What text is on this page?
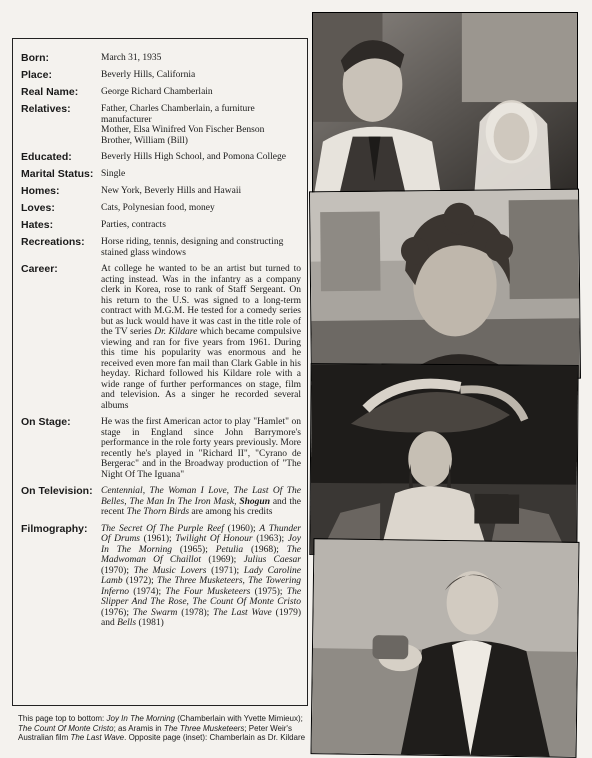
Born:	March 31, 1935
Place:	Beverly Hills, California
Real Name:	George Richard Chamberlain
Relatives:	Father, Charles Chamberlain, a furniture manufacturer
Mother, Elsa Winifred Von Fischer Benson
Brother, William (Bill)
Educated:	Beverly Hills High School, and Pomona College
Marital Status: Single
Homes:	New York, Beverly Hills and Hawaii
Loves:	Cats, Polynesian food, money
Hates:	Parties, contracts
Recreations:	Horse riding, tennis, designing and constructing stained glass windows
Career:	At college he wanted to be an artist but turned to acting instead. Was in the infantry as a company clerk in Korea, rose to rank of Staff Sergeant. On his return to the U.S. was signed to a long-term contract with M.G.M. He tested for a comedy series but as luck would have it was cast in the title role of the TV series Dr. Kildare which became compulsive viewing and ran for five years from 1961. During this time his popularity was enormous and he received even more fan mail than Clark Gable in his heyday. Richard followed his Kildare role with a wide range of further performances on stage, film and television. As a singer he recorded several albums
On Stage:	He was the first American actor to play "Hamlet" on stage in England since John Barrymore's performance in the role forty years previously. More recently he's played in "Richard II", "Cyrano de Bergerac" and in the Broadway production of "The Night Of The Iguana"
On Television: Centennial, The Woman I Love, The Last Of The Belles, The Man In The Iron Mask, Shogun and the recent The Thorn Birds are among his credits
Filmography:	The Secret Of The Purple Reef (1960); A Thunder Of Drums (1961); Twilight Of Honour (1963); Joy In The Morning (1965); Petulia (1968); The Madwoman Of Chaillot (1969); Julius Caesar (1970); The Music Lovers (1971); Lady Caroline Lamb (1972); The Three Musketeers, The Towering Inferno (1974); The Four Musketeers (1975); The Slipper And The Rose, The Count Of Monte Cristo (1976); The Swarm (1978); The Last Wave (1979) and Bells (1981)
This page top to bottom: Joy In The Morning (Chamberlain with Yvette Mimieux); The Count Of Monte Cristo; as Aramis in The Three Musketeers; Peter Weir's Australian film The Last Wave. Opposite page (inset): Chamberlain as Dr. Kildare
